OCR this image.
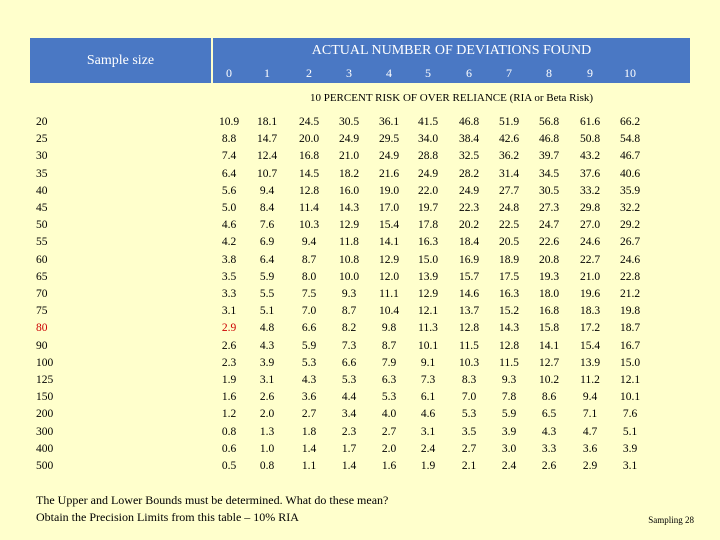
Sample size
ACTUAL NUMBER OF DEVIATIONS FOUND
0	1	2	3	4	5	6	7	8	9	10
10 PERCENT RISK OF OVER RELIANCE (RIA or Beta Risk)
20	10.9	18.1	24.5	30.5	36.1	41.5	46.8	51.9	56.8	61.6	66.2
25	8.8	14.7	20.0	24.9	29.5	34.0	38.4	42.6	46.8	50.8	54.8
30	7.4	12.4	16.8	21.0	24.9	28.8	32.5	36.2	39.7	43.2	46.7
35	6.4	10.7	14.5	18.2	21.6	24.9	28.2	31.4	34.5	37.6	40.6
40	5.6	9.4	12.8	16.0	19.0	22.0	24.9	27.7	30.5	33.2	35.9
45	5.0	8.4	11.4	14.3	17.0	19.7	22.3	24.8	27.3	29.8	32.2
50	4.6	7.6	10.3	12.9	15.4	17.8	20.2	22.5	24.7	27.0	29.2
55	4.2	6.9	9.4	11.8	14.1	16.3	18.4	20.5	22.6	24.6	26.7
60	3.8	6.4	8.7	10.8	12.9	15.0	16.9	18.9	20.8	22.7	24.6
65	3.5	5.9	8.0	10.0	12.0	13.9	15.7	17.5	19.3	21.0	22.8
70	3.3	5.5	7.5	9.3	11.1	12.9	14.6	16.3	18.0	19.6	21.2
75	3.1	5.1	7.0	8.7	10.4	12.1	13.7	15.2	16.8	18.3	19.8
80	2.9	4.8	6.6	8.2	9.8	11.3	12.8	14.3	15.8	17.2	18.7
90	2.6	4.3	5.9	7.3	8.7	10.1	11.5	12.8	14.1	15.4	16.7
100	2.3	3.9	5.3	6.6	7.9	9.1	10.3	11.5	12.7	13.9	15.0
125	1.9	3.1	4.3	5.3	6.3	7.3	8.3	9.3	10.2	11.2	12.1
150	1.6	2.6	3.6	4.4	5.3	6.1	7.0	7.8	8.6	9.4	10.1
200	1.2	2.0	2.7	3.4	4.0	4.6	5.3	5.9	6.5	7.1	7.6
300	0.8	1.3	1.8	2.3	2.7	3.1	3.5	3.9	4.3	4.7	5.1
400	0.6	1.0	1.4	1.7	2.0	2.4	2.7	3.0	3.3	3.6	3.9
500	0.5	0.8	1.1	1.4	1.6	1.9	2.1	2.4	2.6	2.9	3.1
The Upper and Lower Bounds must be determined. What do these mean?
Obtain the Precision Limits from this table – 10% RIA	Sampling 28
